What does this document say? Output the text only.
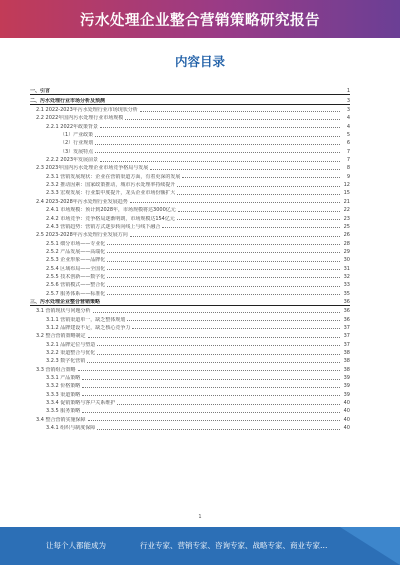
污水处理企业整合营销策略研究报告
内容目录
一、引言	1
二、污水处理行业市场分析及预测	3
2.1 2022-2023年污水处理行业市场现状分析	3
2.2 2022年国内污水处理行业市场规模	4
2.2.1 2022年政策背景	4
（1）产业政策	5
（2）行业规划	6
（3）发展特点	7
2.2.2 2023年发展前景	7
2.3 2023年国内污水处理企业市场竞争格局与发展	8
2.3.1 营销发展现状：企业在营销渠道方面，有着更深的发展	9
2.3.2 推动因素：国家政策推动，城市污水处理率持续提升	12
2.3.3 宏观发展：行业集中度提升，龙头企业市场份额扩大	15
2.4 2023-2028年污水处理行业发展趋势	21
2.4.1 市场规模：预计到2028年，市场规模将达3000亿元	22
2.4.2 市场竞争：竞争格局逐渐明朗，市场规模达154亿元	23
2.4.3 营销趋势：营销方式逐步转向线上与线下融合	25
2.5 2023-2028年污水处理行业发展方向	26
2.5.1 细分市场——专业化	28
2.5.2 产品发展——高端化	29
2.5.3 企业形象——品牌化	30
2.5.4 区域布局——全国化	31
2.5.5 技术创新——数字化	32
2.5.6 营销模式——整合化	33
2.5.7 服务体系——标准化	35
三、污水处理企业整合营销策略	36
3.1 营销现状与问题分析	36
3.1.1 营销渠道单一，缺乏整体规划	36
3.1.2 品牌建设不足，缺乏核心竞争力	37
3.2 整合营销策略制定	37
3.2.1 品牌定位与塑造	37
3.2.2 渠道整合与优化	38
3.2.3 数字化营销	38
3.3 营销组合策略	38
3.3.1 产品策略	39
3.3.2 价格策略	39
3.3.3 渠道策略	39
3.3.4 促销策略与客户关系维护	40
3.3.5 服务策略	40
3.4 整合营销实施保障	40
3.4.1 组织与制度保障	40
1
让每个人都能成为	行业专家、营销专家、咨询专家、战略专家、商业专家…
